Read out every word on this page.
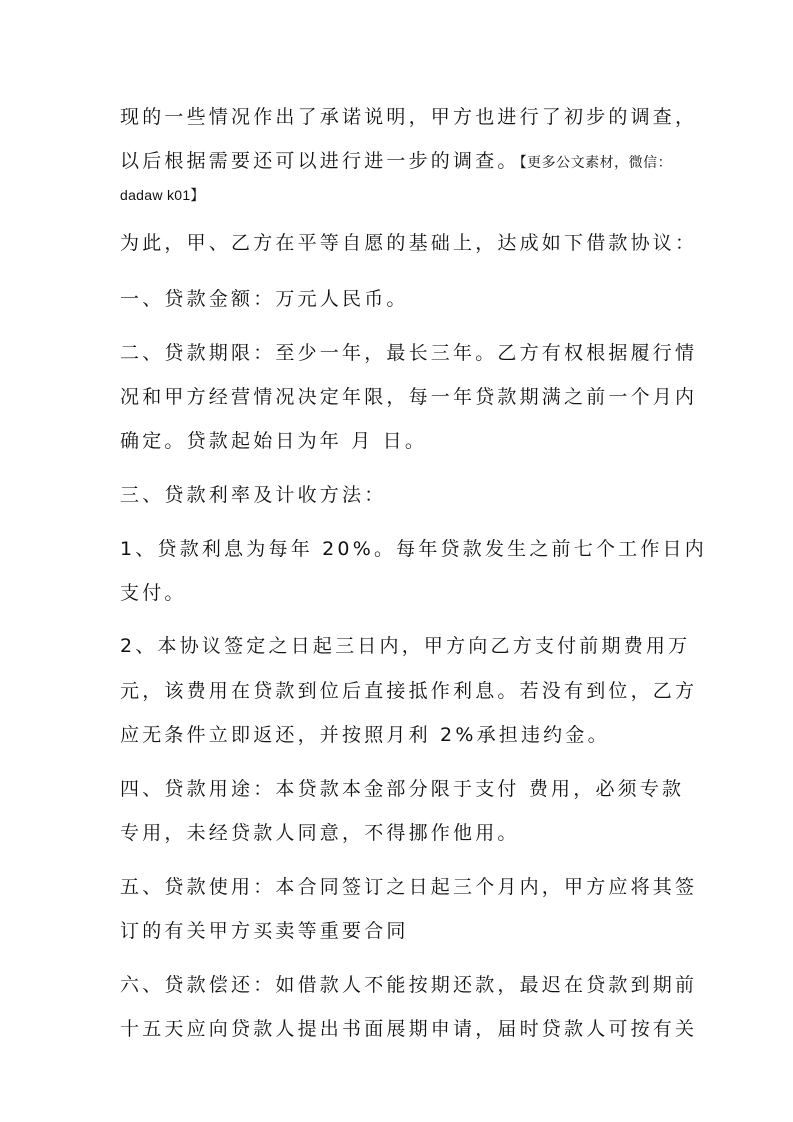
现的一些情况作出了承诺说明，甲方也进行了初步的调查，
以后根据需要还可以进行进一步的调查。【更多公文素材，微信：
dadaw k01】
为此，甲、乙方在平等自愿的基础上，达成如下借款协议：
一、贷款金额：万元人民币。
二、贷款期限：至少一年，最长三年。乙方有权根据履行情
况和甲方经营情况决定年限，每一年贷款期满之前一个月内
确定。贷款起始日为年 月 日。
三、贷款利率及计收方法：
1、贷款利息为每年 20%。每年贷款发生之前七个工作日内
支付。
2、本协议签定之日起三日内，甲方向乙方支付前期费用万
元，该费用在贷款到位后直接抵作利息。若没有到位，乙方
应无条件立即返还，并按照月利 2%承担违约金。
四、贷款用途：本贷款本金部分限于支付 费用，必须专款
专用，未经贷款人同意，不得挪作他用。
五、贷款使用：本合同签订之日起三个月内，甲方应将其签
订的有关甲方买卖等重要合同
六、贷款偿还：如借款人不能按期还款，最迟在贷款到期前
十五天应向贷款人提出书面展期申请，届时贷款人可按有关
